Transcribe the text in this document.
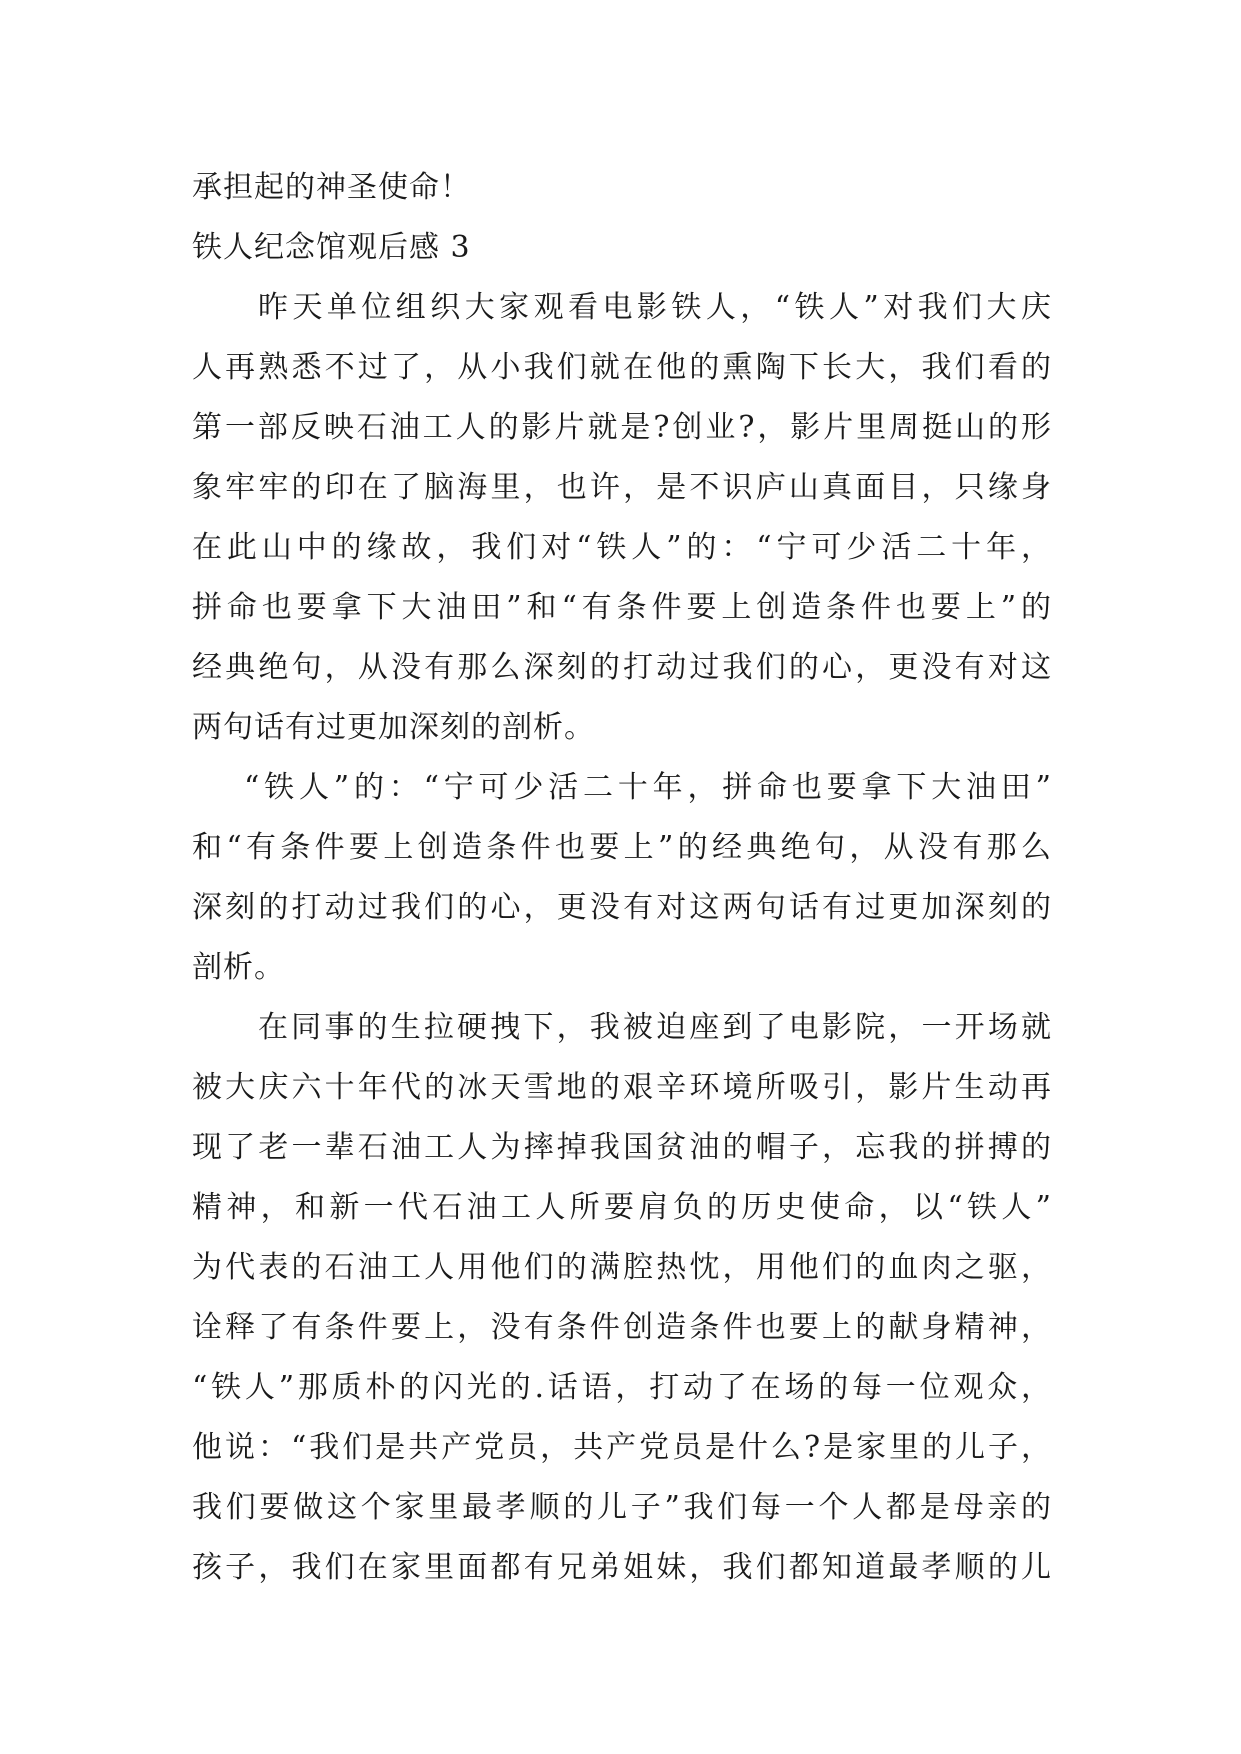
承担起的神圣使命！
铁人纪念馆观后感 3
昨天单位组织大家观看电影铁人，“铁人”对我们大庆
人再熟悉不过了，从小我们就在他的熏陶下长大，我们看的
第一部反映石油工人的影片就是?创业?，影片里周挺山的形
象牢牢的印在了脑海里，也许，是不识庐山真面目，只缘身
在此山中的缘故，我们对“铁人”的：“宁可少活二十年，
拼命也要拿下大油田”和“有条件要上创造条件也要上”的
经典绝句，从没有那么深刻的打动过我们的心，更没有对这
两句话有过更加深刻的剖析。
“铁人”的：“宁可少活二十年，拼命也要拿下大油田”
和“有条件要上创造条件也要上”的经典绝句，从没有那么
深刻的打动过我们的心，更没有对这两句话有过更加深刻的
剖析。
在同事的生拉硬拽下，我被迫座到了电影院，一开场就
被大庆六十年代的冰天雪地的艰辛环境所吸引，影片生动再
现了老一辈石油工人为摔掉我国贫油的帽子，忘我的拼搏的
精神，和新一代石油工人所要肩负的历史使命，以“铁人”
为代表的石油工人用他们的满腔热忱，用他们的血肉之驱，
诠释了有条件要上，没有条件创造条件也要上的献身精神，
“铁人”那质朴的闪光的.话语，打动了在场的每一位观众，
他说：“我们是共产党员，共产党员是什么?是家里的儿子，
我们要做这个家里最孝顺的儿子”我们每一个人都是母亲的
孩子，我们在家里面都有兄弟姐妹，我们都知道最孝顺的儿
